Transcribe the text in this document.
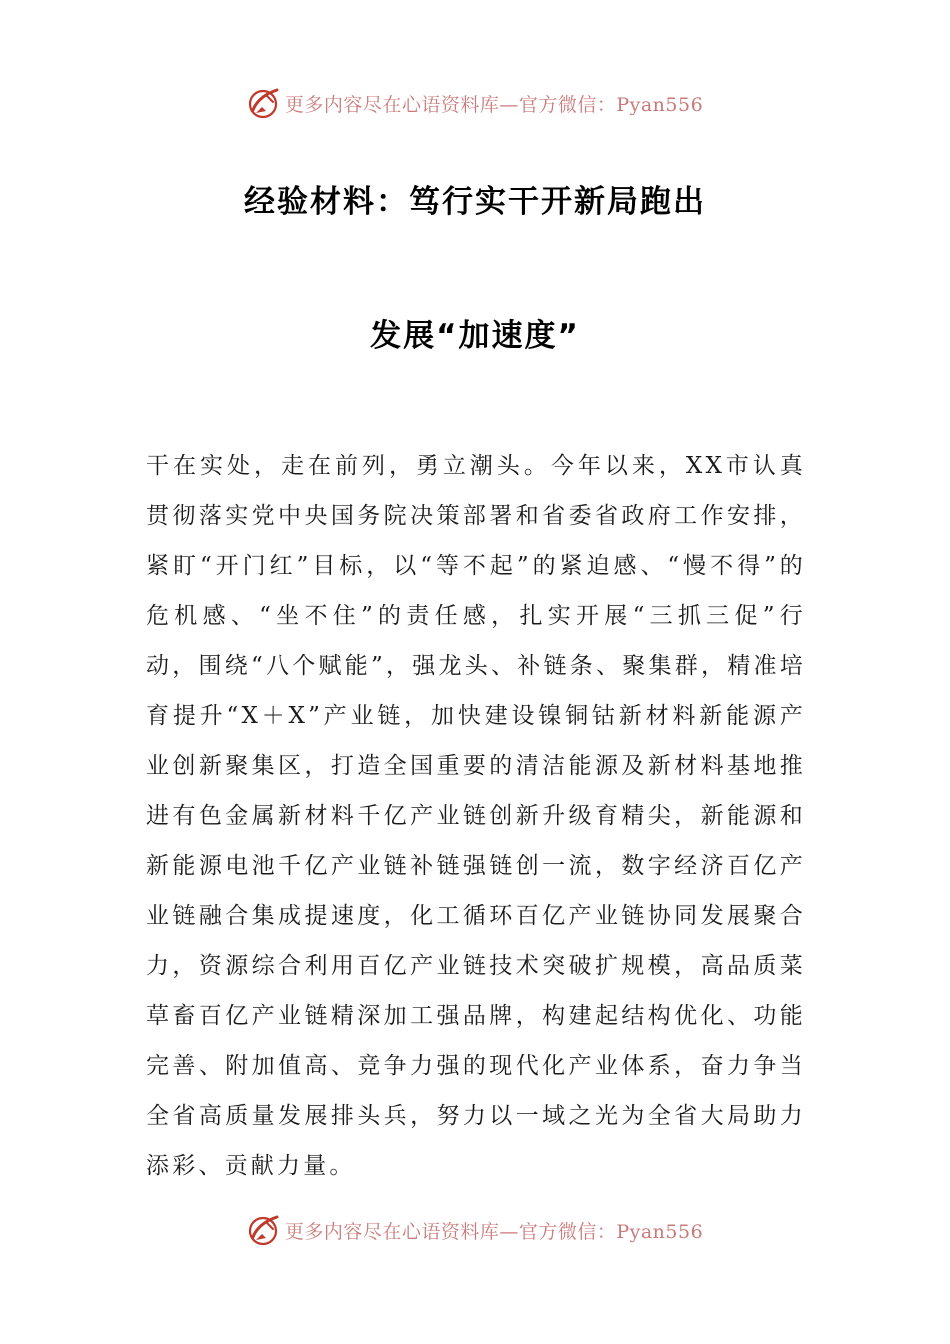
更多内容尽在心语资料库—官方微信：Pyan556
经验材料：笃行实干开新局跑出
发展“加速度”

干在实处，走在前列，勇立潮头。今年以来，XX市认真贯彻落实党中央国务院决策部署和省委省政府工作安排，紧盯“开门红”目标，以“等不起”的紧迫感、“慢不得”的危机感、“坐不住”的责任感，扎实开展“三抓三促”行动，围绕“八个赋能”，强龙头、补链条、聚集群，精准培育提升“X＋X”产业链，加快建设镍铜钴新材料新能源产业创新聚集区，打造全国重要的清洁能源及新材料基地推进有色金属新材料千亿产业链创新升级育精尖，新能源和新能源电池千亿产业链补链强链创一流，数字经济百亿产业链融合集成提速度，化工循环百亿产业链协同发展聚合力，资源综合利用百亿产业链技术突破扩规模，高品质菜草畜百亿产业链精深加工强品牌，构建起结构优化、功能完善、附加值高、竞争力强的现代化产业体系，奋力争当全省高质量发展排头兵，努力以一域之光为全省大局助力添彩、贡献力量。

更多内容尽在心语资料库—官方微信：Pyan556
